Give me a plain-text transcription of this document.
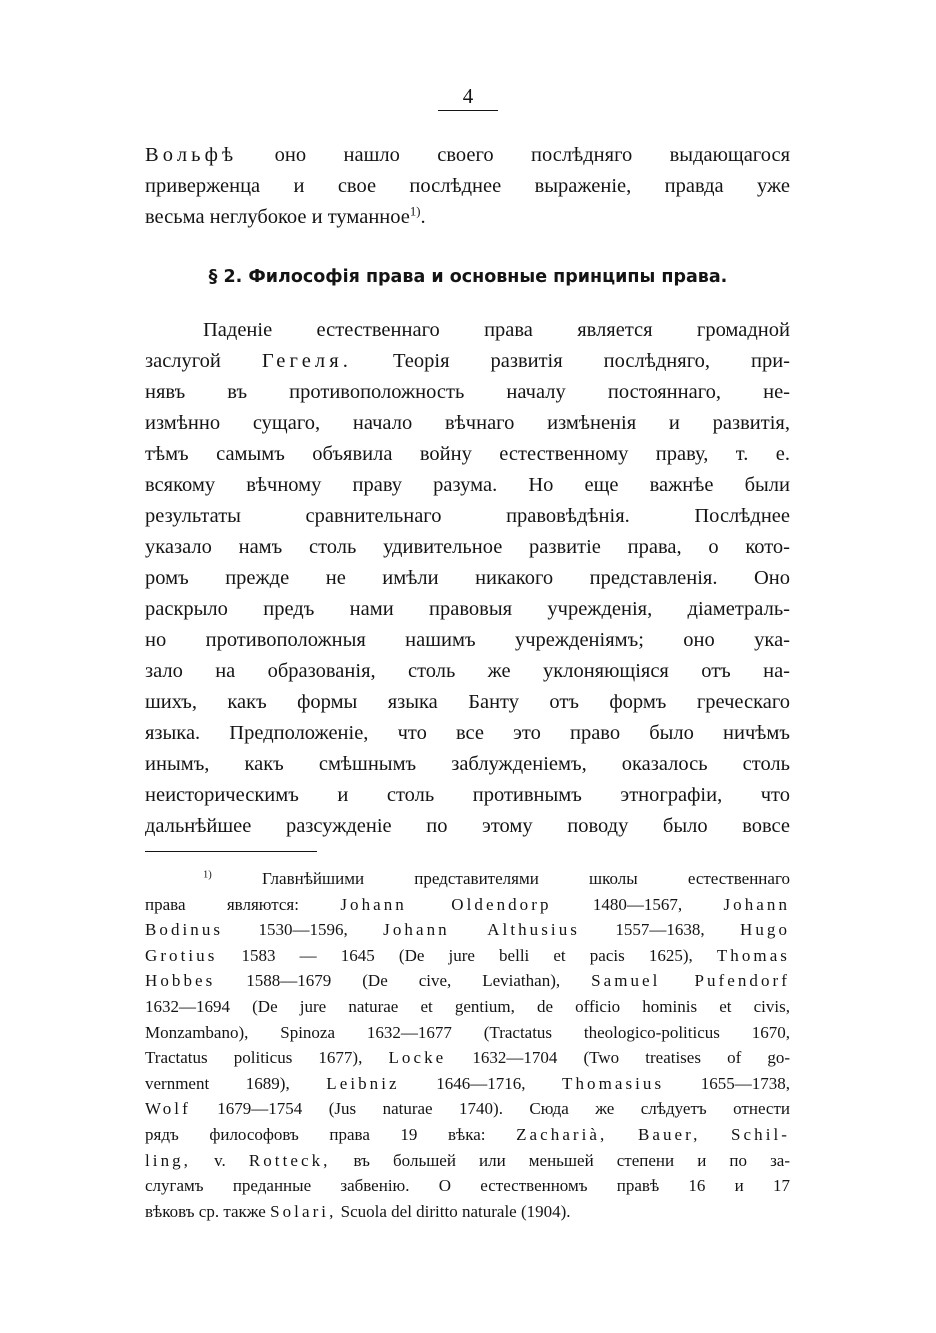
4

Вольфѣ оно нашло своего послѣдняго выдающагося
приверженца и свое послѣднее выраженіе, правда уже
весьма неглубокое и туманное$^{1)}$.

§ 2. Философія права и основные принципы права.

Паденіе естественнаго права является громадной
заслугой Гегеля. Теорія развитія послѣдняго, при-
нявъ въ противоположность началу постояннаго, не-
измѣнно сущаго, начало вѣчнаго измѣненія и развитія,
тѣмъ самымъ объявила войну естественному праву, т. е.
всякому вѣчному праву разума. Но еще важнѣе были
результаты сравнительнаго правовѣдѣнія. Послѣднее
указало намъ столь удивительное развитіе права, о кото-
ромъ прежде не имѣли никакого представленія. Оно
раскрыло предъ нами правовыя учрежденія, діаметраль-
но противоположныя нашимъ учрежденіямъ; оно ука-
зало на образованія, столь же уклоняющіяся отъ на-
шихъ, какъ формы языка Банту отъ формъ греческаго
языка. Предположеніе, что все это право было ничѣмъ
инымъ, какъ смѣшнымъ заблужденіемъ, оказалось столь
неисторическимъ и столь противнымъ этнографіи, что
дальнѣйшее разсужденіе по этому поводу было вовсе

$^{1)}$	Главнѣйшими представителями школы естественнаго
права являются: Johann Oldendorp 1480—1567, Johann
Bodinus 1530—1596, Johann Althusius 1557—1638, Hugo
Grotius 1583 — 1645 (De jure belli et pacis 1625), Thomas
Hobbes 1588—1679 (De cive, Leviathan), Samuel Pufendorf
1632—1694 (De jure naturae et gentium, de officio hominis et civis,
Monzambano), Spinoza 1632—1677 (Tractatus theologico-politicus 1670,
Tractatus politicus 1677), Locke 1632—1704 (Two treatises of go-
vernment 1689), Leibniz 1646—1716, Thomasius 1655—1738,
Wolf 1679—1754 (Jus naturae 1740). Сюда же слѣдуетъ отнести
рядъ философовъ права 19 вѣка: Zacharià, Bauer, Schil-
ling, v. Rotteck, въ большей или меньшей степени и по за-
слугамъ преданные забвенію. О естественномъ правѣ 16 и 17
вѣковъ ср. также Solari, Scuola del diritto naturale (1904).
